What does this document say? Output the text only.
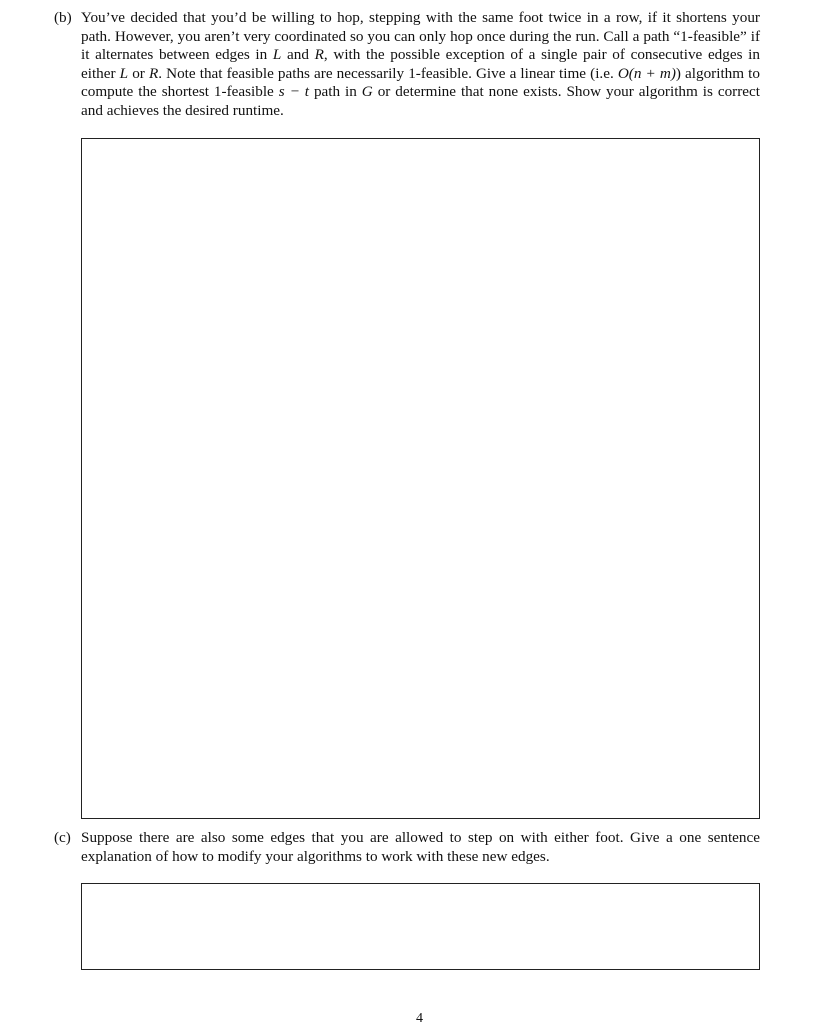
(b) You’ve decided that you’d be willing to hop, stepping with the same foot twice in a row, if it shortens your path. However, you aren’t very coordinated so you can only hop once during the run. Call a path “1-feasible” if it alternates between edges in L and R, with the possible exception of a single pair of consecutive edges in either L or R. Note that feasible paths are necessarily 1-feasible. Give a linear time (i.e. O(n + m)) algorithm to compute the shortest 1-feasible s − t path in G or determine that none exists. Show your algorithm is correct and achieves the desired runtime.
(c) Suppose there are also some edges that you are allowed to step on with either foot. Give a one sentence explanation of how to modify your algorithms to work with these new edges.
4
